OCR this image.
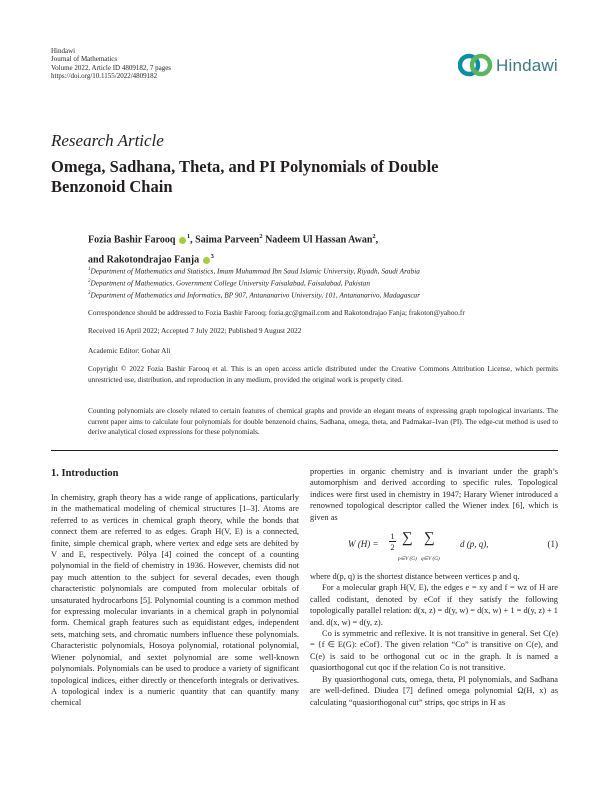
Hindawi
Journal of Mathematics
Volume 2022, Article ID 4809182, 7 pages
https://doi.org/10.1155/2022/4809182
Hindawi
Research Article
Omega, Sadhana, Theta, and PI Polynomials of Double Benzonoid Chain
Fozia Bashir Farooq $^1$, Saima Parveen$^2$ Nadeem Ul Hassan Awan$^2$,
and Rakotondrajao Fanja $^3$
$^1$Department of Mathematics and Statistics, Imam Muhammad Ibn Saud Islamic University, Riyadh, Saudi Arabia
$^2$Department of Mathematics, Government College University Faisalabad, Faisalabad, Pakistan
$^3$Department of Mathematics and Informatics, BP 907, Antananarivo University, 101, Antananarivo, Madagascar
Correspondence should be addressed to Fozia Bashir Farooq; fozia.gc@gmail.com and Rakotondrajao Fanja; frakoton@yahoo.fr
Received 16 April 2022; Accepted 7 July 2022; Published 9 August 2022
Academic Editor: Gohar Ali
Copyright © 2022 Fozia Bashir Farooq et al. This is an open access article distributed under the Creative Commons Attribution License, which permits unrestricted use, distribution, and reproduction in any medium, provided the original work is properly cited.
Counting polynomials are closely related to certain features of chemical graphs and provide an elegant means of expressing graph topological invariants. The current paper aims to calculate four polynomials for double benzenoid chains, Sadhana, omega, theta, and Padmakar–Ivan (PI). The edge-cut method is used to derive analytical closed expressions for these polynomials.
1. Introduction

In chemistry, graph theory has a wide range of applications, particularly in the mathematical modeling of chemical structures [1–3]. Atoms are referred to as vertices in chemical graph theory, while the bonds that connect them are referred to as edges. Graph H(V, E) is a connected, finite, simple chemical graph, where vertex and edge sets are debited by V and E, respectively. Pólya [4] coined the concept of a counting polynomial in the field of chemistry in 1936. However, chemists did not pay much attention to the subject for several decades, even though characteristic polynomials are computed from molecular orbitals of unsaturated hydrocarbons [5]. Polynomial counting is a common method for expressing molecular invariants in a chemical graph in polynomial form. Chemical graph features such as equidistant edges, independent sets, matching sets, and chromatic numbers influence these polynomials. Characteristic polynomials, Hosoya polynomial, rotational polynomial, Wiener polynomial, and sextet polynomial are some well-known polynomials. Polynomials can be used to produce a variety of significant topological indices, either directly or thenceforth integrals or derivatives. A topological index is a numeric quantity that can quantify many chemical

properties in organic chemistry and is invariant under the graph’s automorphism and derived according to specific rules. Topological indices were first used in chemistry in 1947; Harary Wiener introduced a renowned topological descriptor called the Wiener index [6], which is given as

W (H) =
1
2
∑ ∑
p∈V (G) q∈V (G)
d (p, q),	(1)

where d(p, q) is the shortest distance between vertices p and q.

For a molecular graph H(V, E), the edges e = xy and f = wz of H are called codistant, denoted by eCof if they satisfy the following topologically parallel relation: d(x, z) = d(y, w) = d(x, w) + 1 = d(y, z) + 1 and. d(x, w) = d(y, z).

Co is symmetric and reflexive. It is not transitive in general. Set C(e) = {f ∈ E(G): eCof}. The given relation “Co” is transitive on C(e), and C(e) is said to be orthogonal cut oc in the graph. It is named a quasiorthogonal cut qoc if the relation Co is not transitive.

By quasiorthogonal cuts, omega, theta, PI polynomials, and Sadhana are well-defined. Diudea [7] defined omega polynomial Ω(H, x) as calculating “quasiorthogonal cut” strips, qoc strips in H as
